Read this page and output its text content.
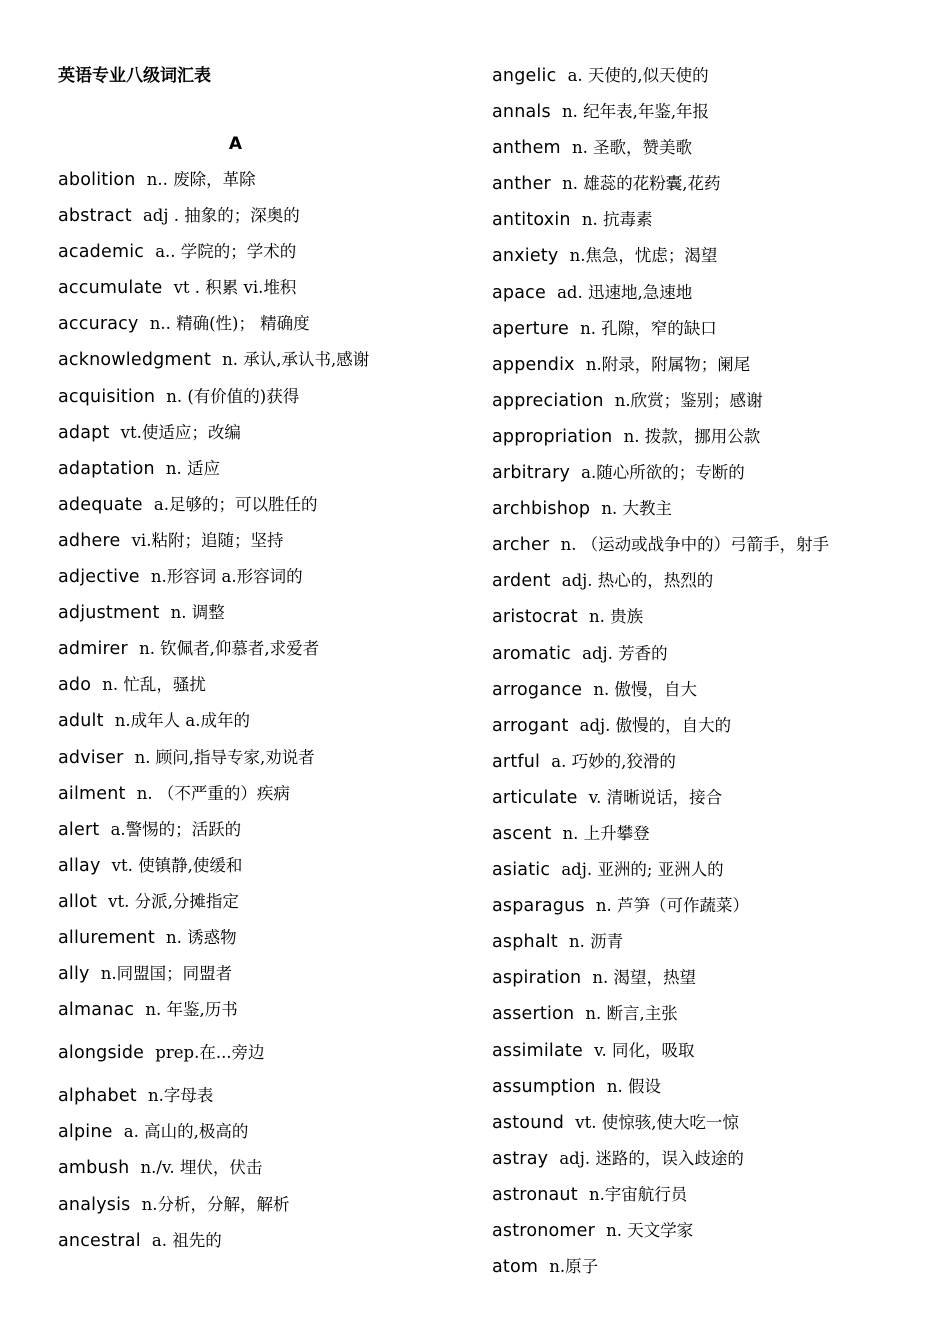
英语专业八级词汇表
A
abolition n.. 废除，革除
abstract adj . 抽象的；深奥的
academic a.. 学院的；学术的
accumulate vt . 积累 vi.堆积
accuracy n.. 精确(性)； 精确度
acknowledgment n. 承认,承认书,感谢
acquisition n. (有价值的)获得
adapt vt.使适应；改编
adaptation n. 适应
adequate a.足够的；可以胜任的
adhere vi.粘附；追随；坚持
adjective n.形容词 a.形容词的
adjustment n. 调整
admirer n. 钦佩者,仰慕者,求爱者
ado n. 忙乱，骚扰
adult n.成年人 a.成年的
adviser n. 顾问,指导专家,劝说者
ailment n. （不严重的）疾病
alert a.警惕的；活跃的
allay vt. 使镇静,使缓和
allot vt. 分派,分摊指定
allurement n. 诱惑物
ally n.同盟国；同盟者
almanac n. 年鉴,历书
alongside prep.在...旁边
alphabet n.字母表
alpine a. 高山的,极高的
ambush n./v. 埋伏，伏击
analysis n.分析，分解，解析
ancestral a. 祖先的
angelic a. 天使的,似天使的
annals n. 纪年表,年鉴,年报
anthem n. 圣歌，赞美歌
anther n. 雄蕊的花粉囊,花药
antitoxin n. 抗毒素
anxiety n.焦急，忧虑；渴望
apace ad. 迅速地,急速地
aperture n. 孔隙，窄的缺口
appendix n.附录，附属物；阑尾
appreciation n.欣赏；鉴别；感谢
appropriation n. 拨款，挪用公款
arbitrary a.随心所欲的；专断的
archbishop n. 大教主
archer n. （运动或战争中的）弓箭手，射手
ardent adj. 热心的，热烈的
aristocrat n. 贵族
aromatic adj. 芳香的
arrogance n. 傲慢，自大
arrogant adj. 傲慢的，自大的
artful a. 巧妙的,狡滑的
articulate v. 清晰说话，接合
ascent n. 上升攀登
asiatic adj. 亚洲的; 亚洲人的
asparagus n. 芦笋（可作蔬菜）
asphalt n. 沥青
aspiration n. 渴望，热望
assertion n. 断言,主张
assimilate v. 同化，吸取
assumption n. 假设
astound vt. 使惊骇,使大吃一惊
astray adj. 迷路的，误入歧途的
astronaut n.宇宙航行员
astronomer n. 天文学家
atom n.原子
